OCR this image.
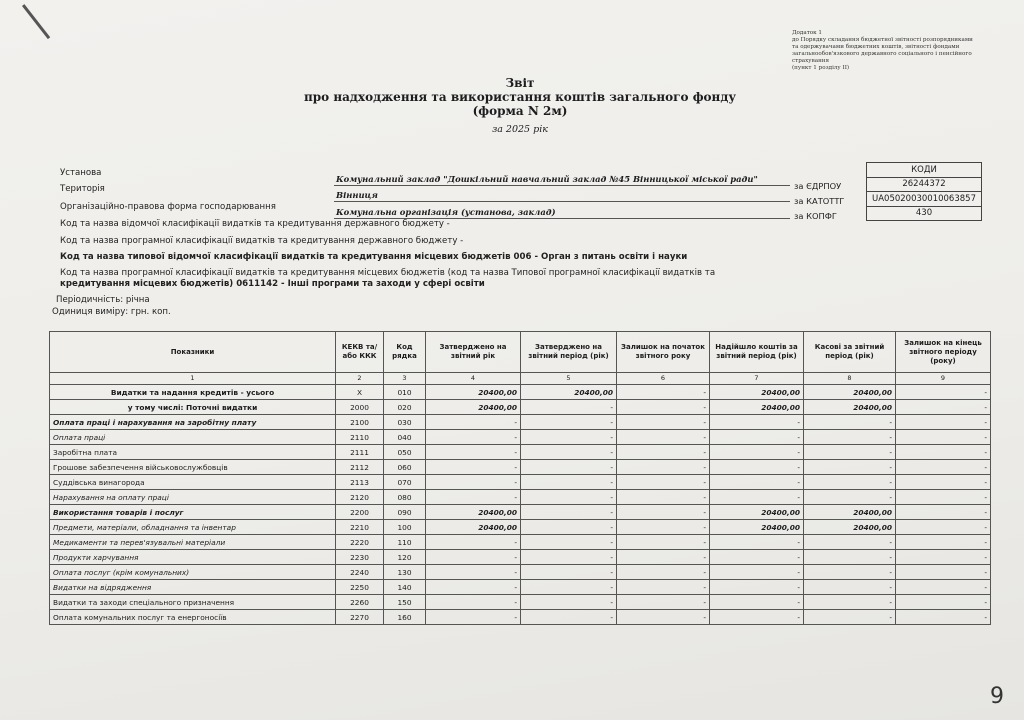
Додаток 1
до Порядку складання бюджетної звітності розпорядниками
та одержувачами бюджетних коштів, звітності фондами
загальнообов'язкового державного соціального і пенсійного
страхування
(пункт 1 розділу II)
Звіт
про надходження та використання коштів загального фонду
(форма N 2м)
за 2025 рік
КОДИ
26244372
UA05020030010063857
430
за ЄДРПОУ
за КАТОТТГ
за КОПФГ
Установа
Комунальний заклад "Дошкільний навчальний заклад №45 Вінницької міської ради"
Територія
Вінниця
Організаційно-правова форма господарювання	Комунальна організація (установа, заклад)
Код та назва відомчої класифікації видатків та кредитування державного бюджету -
Код та назва програмної класифікації видатків та кредитування державного бюджету -
Код та назва типової відомчої класифікації видатків та кредитування місцевих бюджетів 006 - Орган з питань освіти і науки
Код та назва програмної класифікації видатків та кредитування місцевих бюджетів (код та назва Типової програмної класифікації видатків та
кредитування місцевих бюджетів) 0611142 - Інші програми та заходи у сфері освіти
Періодичність: річна
Одиниця виміру: грн. коп.
Показники	КЕКВ та/або ККК	Код рядка	Затверджено на звітний рік	Затверджено на звітний період (рік)	Залишок на початок звітного року	Надійшло коштів за звітний період (рік)	Касові за звітний період (рік)	Залишок на кінець звітного періоду (року)
1	2	3	4	5	6	7	8	9
Видатки та надання кредитів - усього	X	010	20400,00	20400,00	-	20400,00	20400,00	-
у тому числі: Поточні видатки	2000	020	20400,00	-	-	20400,00	20400,00	-
Оплата праці і нарахування на заробітну плату	2100	030	-	-	-	-	-	-
Оплата праці	2110	040	-	-	-	-	-	-
Заробітна плата	2111	050	-	-	-	-	-	-
Грошове забезпечення військовослужбовців	2112	060	-	-	-	-	-	-
Суддівська винагорода	2113	070	-	-	-	-	-	-
Нарахування на оплату праці	2120	080	-	-	-	-	-	-
Використання товарів і послуг	2200	090	20400,00	-	-	20400,00	20400,00	-
Предмети, матеріали, обладнання та інвентар	2210	100	20400,00	-	-	20400,00	20400,00	-
Медикаменти та перев'язувальні матеріали	2220	110	-	-	-	-	-	-
Продукти харчування	2230	120	-	-	-	-	-	-
Оплата послуг (крім комунальних)	2240	130	-	-	-	-	-	-
Видатки на відрядження	2250	140	-	-	-	-	-	-
Видатки та заходи спеціального призначення	2260	150	-	-	-	-	-	-
Оплата комунальних послуг та енергоносіїв	2270	160	-	-	-	-	-	-
9
